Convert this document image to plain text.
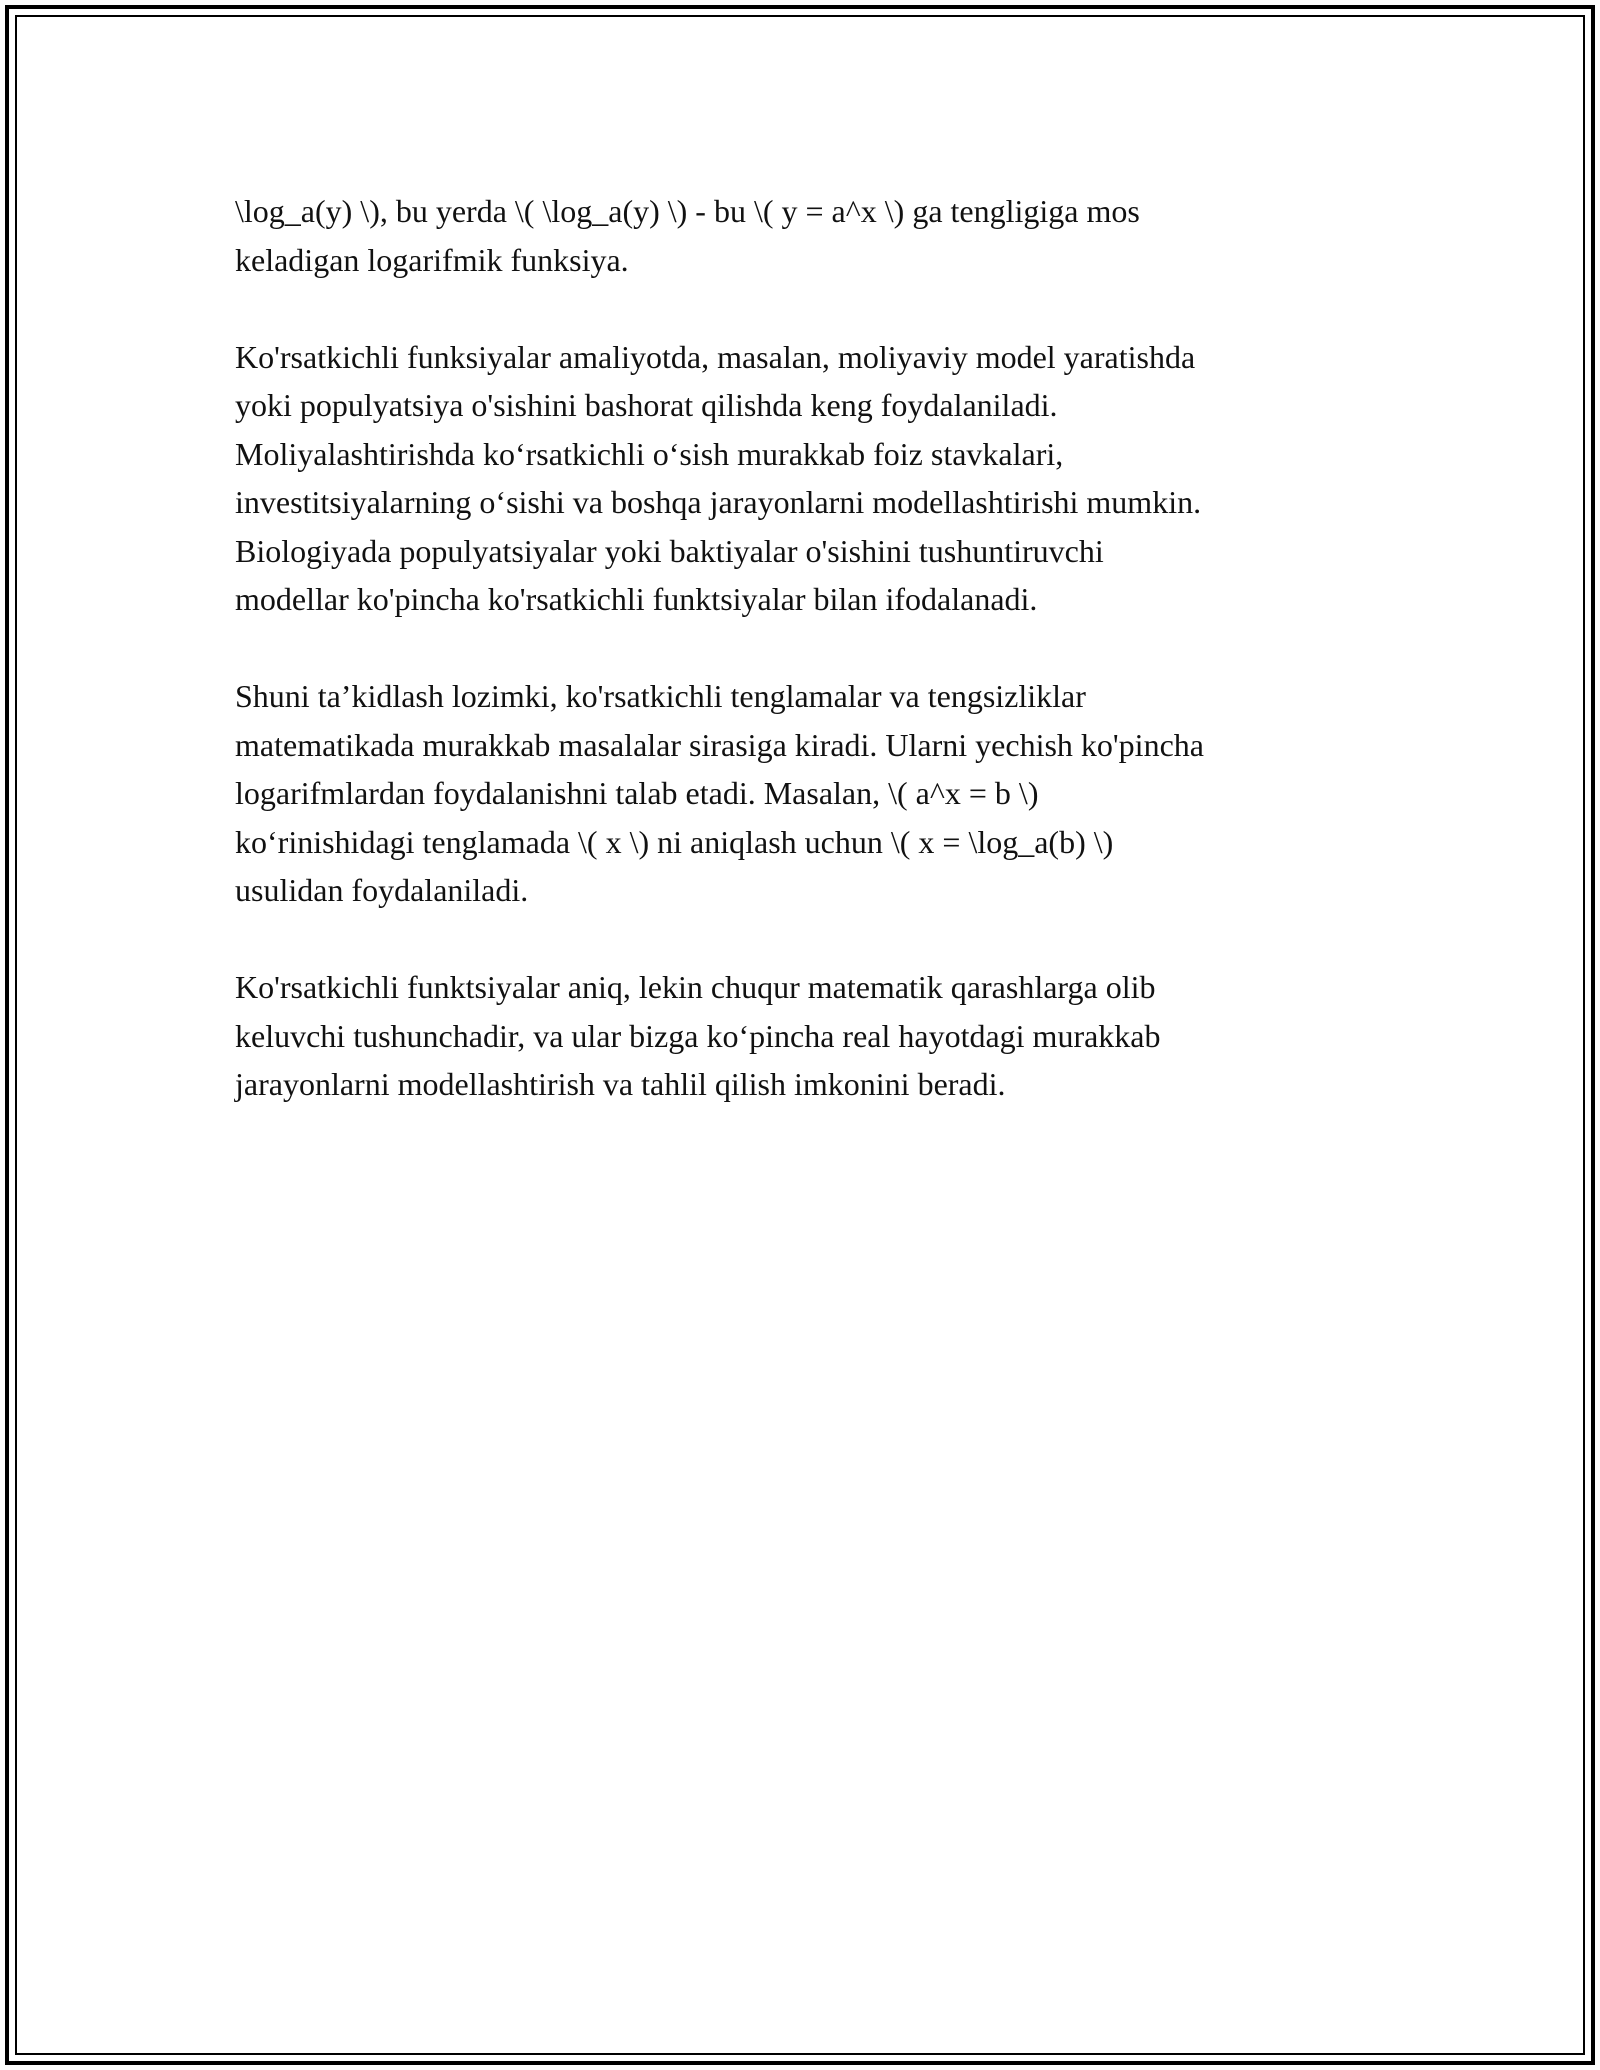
\log_a(y) \), bu yerda \( \log_a(y) \) - bu \( y = a^x \) ga tengligiga mos
keladigan logarifmik funksiya.

Ko'rsatkichli funksiyalar amaliyotda, masalan, moliyaviy model yaratishda
yoki populyatsiya o'sishini bashorat qilishda keng foydalaniladi.
Moliyalashtirishda ko‘rsatkichli o‘sish murakkab foiz stavkalari,
investitsiyalarning o‘sishi va boshqa jarayonlarni modellashtirishi mumkin.
Biologiyada populyatsiyalar yoki baktiyalar o'sishini tushuntiruvchi
modellar ko'pincha ko'rsatkichli funktsiyalar bilan ifodalanadi.

Shuni ta’kidlash lozimki, ko'rsatkichli tenglamalar va tengsizliklar
matematikada murakkab masalalar sirasiga kiradi. Ularni yechish ko'pincha
logarifmlardan foydalanishni talab etadi. Masalan, \( a^x = b \)
ko‘rinishidagi tenglamada \( x \) ni aniqlash uchun \( x = \log_a(b) \)
usulidan foydalaniladi.

Ko'rsatkichli funktsiyalar aniq, lekin chuqur matematik qarashlarga olib
keluvchi tushunchadir, va ular bizga ko‘pincha real hayotdagi murakkab
jarayonlarni modellashtirish va tahlil qilish imkonini beradi.
